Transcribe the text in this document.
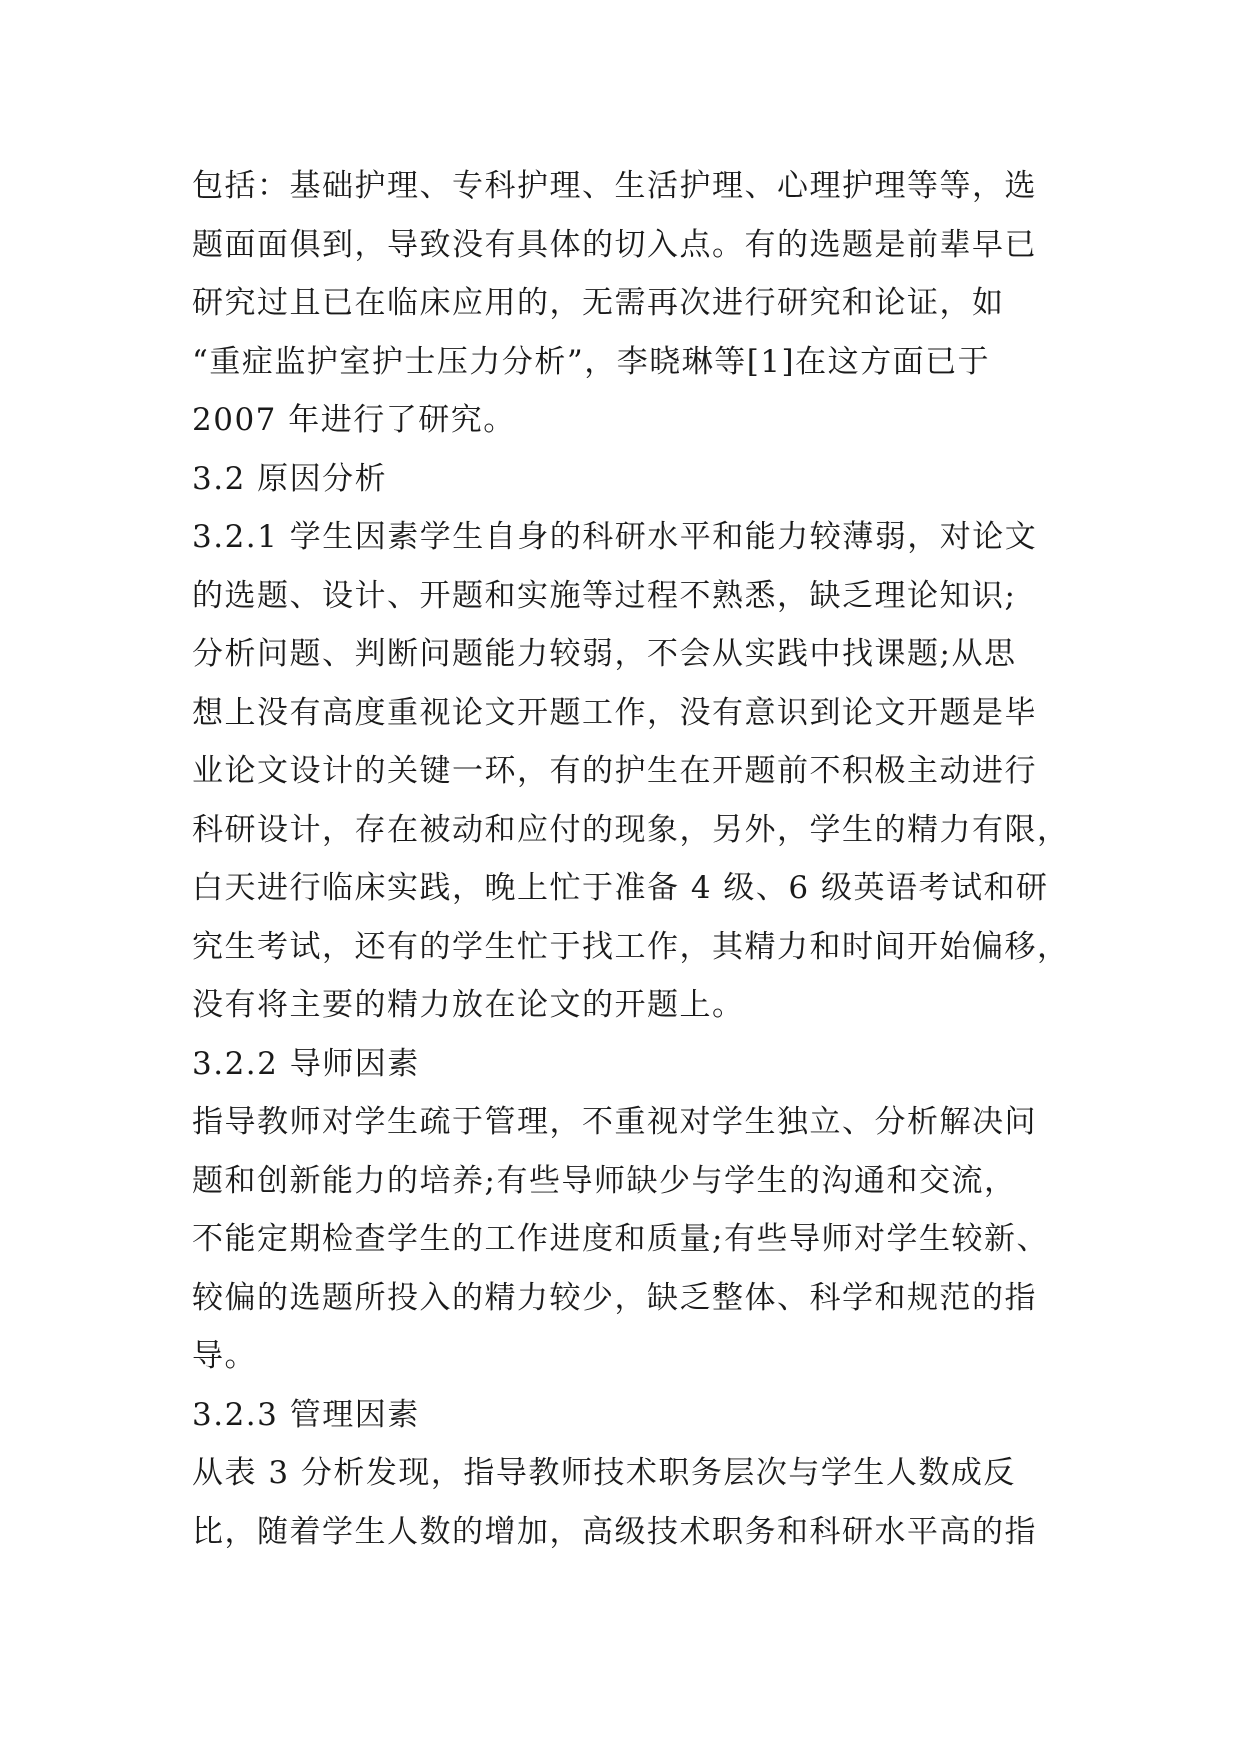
包括：基础护理、专科护理、生活护理、心理护理等等，选
题面面俱到，导致没有具体的切入点。有的选题是前辈早已
研究过且已在临床应用的，无需再次进行研究和论证，如
“重症监护室护士压力分析”，李晓琳等[1]在这方面已于
2007 年进行了研究。
3.2 原因分析
3.2.1 学生因素学生自身的科研水平和能力较薄弱，对论文
的选题、设计、开题和实施等过程不熟悉，缺乏理论知识;
分析问题、判断问题能力较弱，不会从实践中找课题;从思
想上没有高度重视论文开题工作，没有意识到论文开题是毕
业论文设计的关键一环，有的护生在开题前不积极主动进行
科研设计，存在被动和应付的现象，另外，学生的精力有限，
白天进行临床实践，晚上忙于准备 4 级、6 级英语考试和研
究生考试，还有的学生忙于找工作，其精力和时间开始偏移，
没有将主要的精力放在论文的开题上。
3.2.2 导师因素
指导教师对学生疏于管理，不重视对学生独立、分析解决问
题和创新能力的培养;有些导师缺少与学生的沟通和交流，
不能定期检查学生的工作进度和质量;有些导师对学生较新、
较偏的选题所投入的精力较少，缺乏整体、科学和规范的指
导。
3.2.3 管理因素
从表 3 分析发现，指导教师技术职务层次与学生人数成反
比，随着学生人数的增加，高级技术职务和科研水平高的指
